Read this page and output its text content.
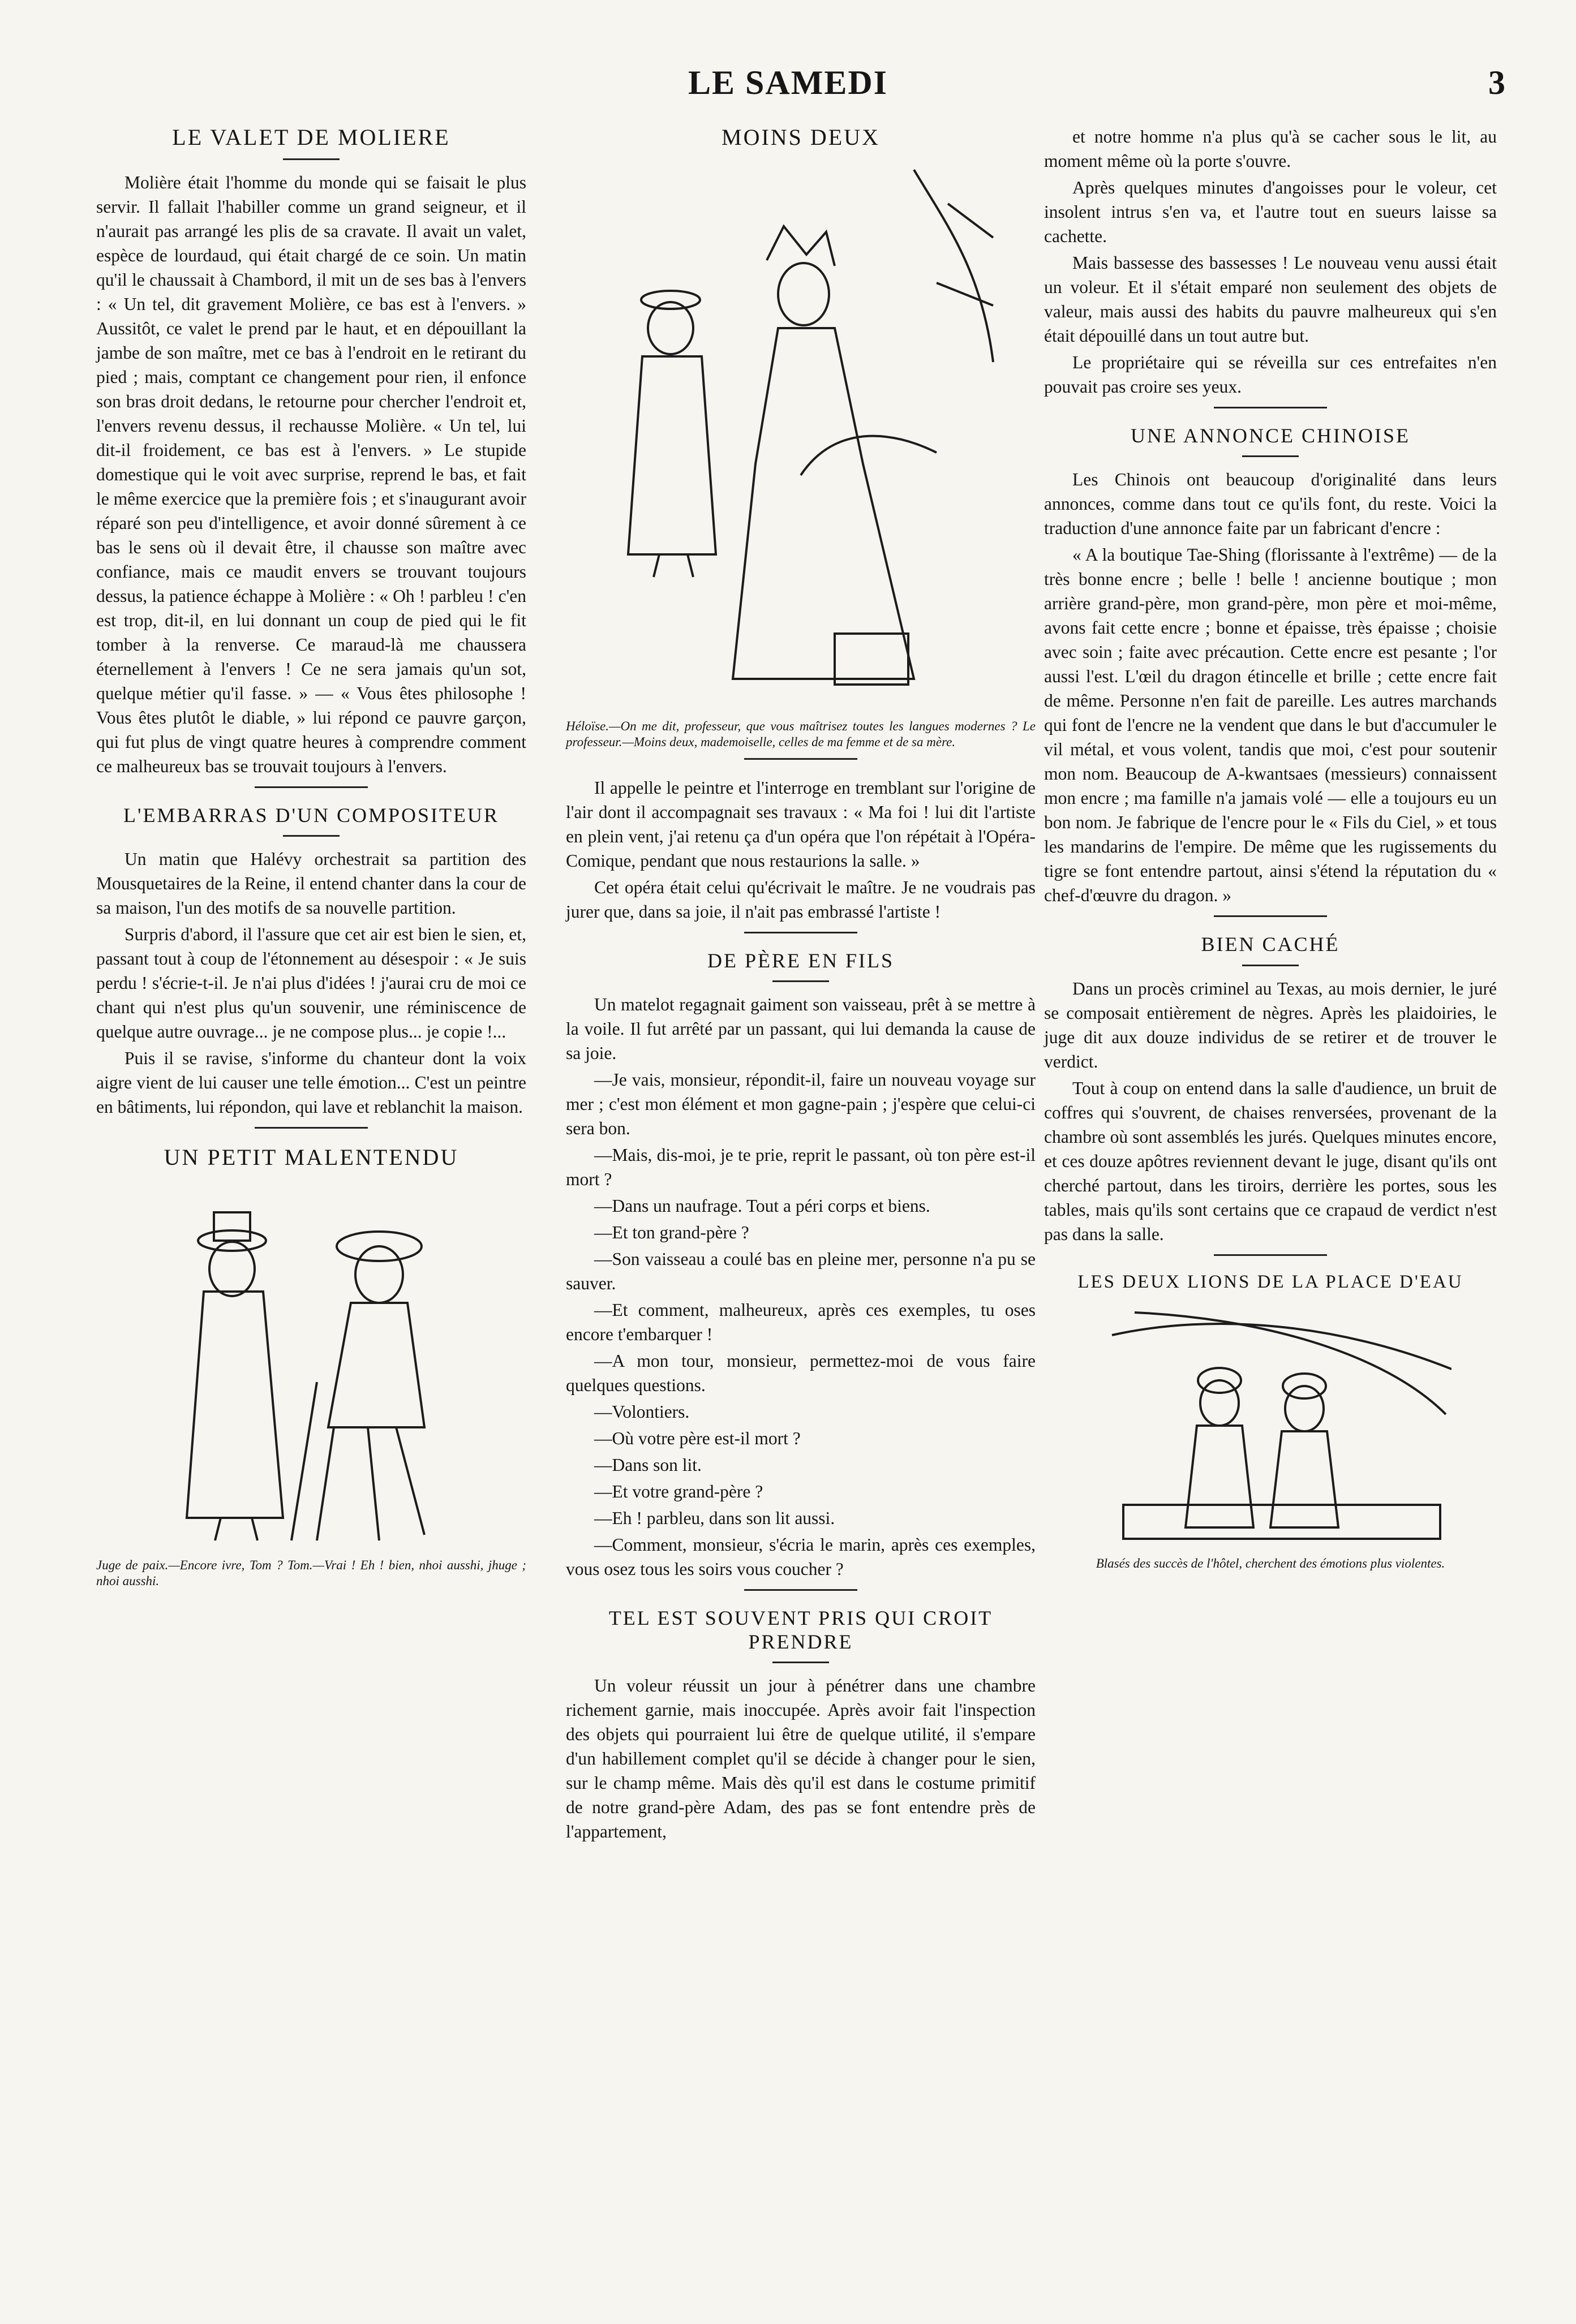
LE SAMEDI	3
LE VALET DE MOLIERE

Molière était l'homme du monde qui se faisait le plus servir. Il fallait l'habiller comme un grand seigneur, et il n'aurait pas arrangé les plis de sa cravate. Il avait un valet, espèce de lourdaud, qui était chargé de ce soin. Un matin qu'il le chaussait à Chambord, il mit un de ses bas à l'envers : « Un tel, dit gravement Molière, ce bas est à l'envers. » Aussitôt, ce valet le prend par le haut, et en dépouillant la jambe de son maître, met ce bas à l'endroit en le retirant du pied ; mais, comptant ce changement pour rien, il enfonce son bras droit dedans, le retourne pour chercher l'endroit et, l'envers revenu dessus, il rechausse Molière. « Un tel, lui dit-il froidement, ce bas est à l'envers. » Le stupide domestique qui le voit avec surprise, reprend le bas, et fait le même exercice que la première fois ; et s'inaugurant avoir réparé son peu d'intelligence, et avoir donné sûrement à ce bas le sens où il devait être, il chausse son maître avec confiance, mais ce maudit envers se trouvant toujours dessus, la patience échappe à Molière : « Oh ! parbleu ! c'en est trop, dit-il, en lui donnant un coup de pied qui le fit tomber à la renverse. Ce maraud-là me chaussera éternellement à l'envers ! Ce ne sera jamais qu'un sot, quelque métier qu'il fasse. » — « Vous êtes philosophe ! Vous êtes plutôt le diable, » lui répond ce pauvre garçon, qui fut plus de vingt quatre heures à comprendre comment ce malheureux bas se trouvait toujours à l'envers.

L'EMBARRAS D'UN COMPOSITEUR

Un matin que Halévy orchestrait sa partition des Mousquetaires de la Reine, il entend chanter dans la cour de sa maison, l'un des motifs de sa nouvelle partition.

Surpris d'abord, il l'assure que cet air est bien le sien, et, passant tout à coup de l'étonnement au désespoir : « Je suis perdu ! s'écrie-t-il. Je n'ai plus d'idées ! j'aurai cru de moi ce chant qui n'est plus qu'un souvenir, une réminiscence de quelque autre ouvrage... je ne compose plus... je copie !...

Puis il se ravise, s'informe du chanteur dont la voix aigre vient de lui causer une telle émotion... C'est un peintre en bâtiments, lui répondon, qui lave et reblanchit la maison.

UN PETIT MALENTENDU

Juge de paix.—Encore ivre, Tom ? Tom.—Vrai ! Eh ! bien, nhoi ausshi, jhuge ; nhoi ausshi.

MOINS DEUX

Héloïse.—On me dit, professeur, que vous maîtrisez toutes les langues modernes ? Le professeur.—Moins deux, mademoiselle, celles de ma femme et de sa mère.

Il appelle le peintre et l'interroge en tremblant sur l'origine de l'air dont il accompagnait ses travaux : « Ma foi ! lui dit l'artiste en plein vent, j'ai retenu ça d'un opéra que l'on répétait à l'Opéra-Comique, pendant que nous restaurions la salle. »

Cet opéra était celui qu'écrivait le maître. Je ne voudrais pas jurer que, dans sa joie, il n'ait pas embrassé l'artiste !

DE PÈRE EN FILS

Un matelot regagnait gaiment son vaisseau, prêt à se mettre à la voile. Il fut arrêté par un passant, qui lui demanda la cause de sa joie.

—Je vais, monsieur, répondit-il, faire un nouveau voyage sur mer ; c'est mon élément et mon gagne-pain ; j'espère que celui-ci sera bon.

—Mais, dis-moi, je te prie, reprit le passant, où ton père est-il mort ?

—Dans un naufrage. Tout a péri corps et biens.

—Et ton grand-père ?

—Son vaisseau a coulé bas en pleine mer, personne n'a pu se sauver.

—Et comment, malheureux, après ces exemples, tu oses encore t'embarquer !

—A mon tour, monsieur, permettez-moi de vous faire quelques questions.

—Volontiers.

—Où votre père est-il mort ?

—Dans son lit.

—Et votre grand-père ?

—Eh ! parbleu, dans son lit aussi.

—Comment, monsieur, s'écria le marin, après ces exemples, vous osez tous les soirs vous coucher ?

TEL EST SOUVENT PRIS QUI CROIT PRENDRE

Un voleur réussit un jour à pénétrer dans une chambre richement garnie, mais inoccupée. Après avoir fait l'inspection des objets qui pourraient lui être de quelque utilité, il s'empare d'un habillement complet qu'il se décide à changer pour le sien, sur le champ même. Mais dès qu'il est dans le costume primitif de notre grand-père Adam, des pas se font entendre près de l'appartement,

et notre homme n'a plus qu'à se cacher sous le lit, au moment même où la porte s'ouvre.

Après quelques minutes d'angoisses pour le voleur, cet insolent intrus s'en va, et l'autre tout en sueurs laisse sa cachette.

Mais bassesse des bassesses ! Le nouveau venu aussi était un voleur. Et il s'était emparé non seulement des objets de valeur, mais aussi des habits du pauvre malheureux qui s'en était dépouillé dans un tout autre but.

Le propriétaire qui se réveilla sur ces entrefaites n'en pouvait pas croire ses yeux.

UNE ANNONCE CHINOISE

Les Chinois ont beaucoup d'originalité dans leurs annonces, comme dans tout ce qu'ils font, du reste. Voici la traduction d'une annonce faite par un fabricant d'encre :

« A la boutique Tae-Shing (florissante à l'extrême) — de la très bonne encre ; belle ! belle ! ancienne boutique ; mon arrière grand-père, mon grand-père, mon père et moi-même, avons fait cette encre ; bonne et épaisse, très épaisse ; choisie avec soin ; faite avec précaution. Cette encre est pesante ; l'or aussi l'est. L'œil du dragon étincelle et brille ; cette encre fait de même. Personne n'en fait de pareille. Les autres marchands qui font de l'encre ne la vendent que dans le but d'accumuler le vil métal, et vous volent, tandis que moi, c'est pour soutenir mon nom. Beaucoup de A-kwantsaes (messieurs) connaissent mon encre ; ma famille n'a jamais volé — elle a toujours eu un bon nom. Je fabrique de l'encre pour le « Fils du Ciel, » et tous les mandarins de l'empire. De même que les rugissements du tigre se font entendre partout, ainsi s'étend la réputation du « chef-d'œuvre du dragon. »

BIEN CACHÉ

Dans un procès criminel au Texas, au mois dernier, le juré se composait entièrement de nègres. Après les plaidoiries, le juge dit aux douze individus de se retirer et de trouver le verdict.

Tout à coup on entend dans la salle d'audience, un bruit de coffres qui s'ouvrent, de chaises renversées, provenant de la chambre où sont assemblés les jurés. Quelques minutes encore, et ces douze apôtres reviennent devant le juge, disant qu'ils ont cherché partout, dans les tiroirs, derrière les portes, sous les tables, mais qu'ils sont certains que ce crapaud de verdict n'est pas dans la salle.

LES DEUX LIONS DE LA PLACE D'EAU

Blasés des succès de l'hôtel, cherchent des émotions plus violentes.
